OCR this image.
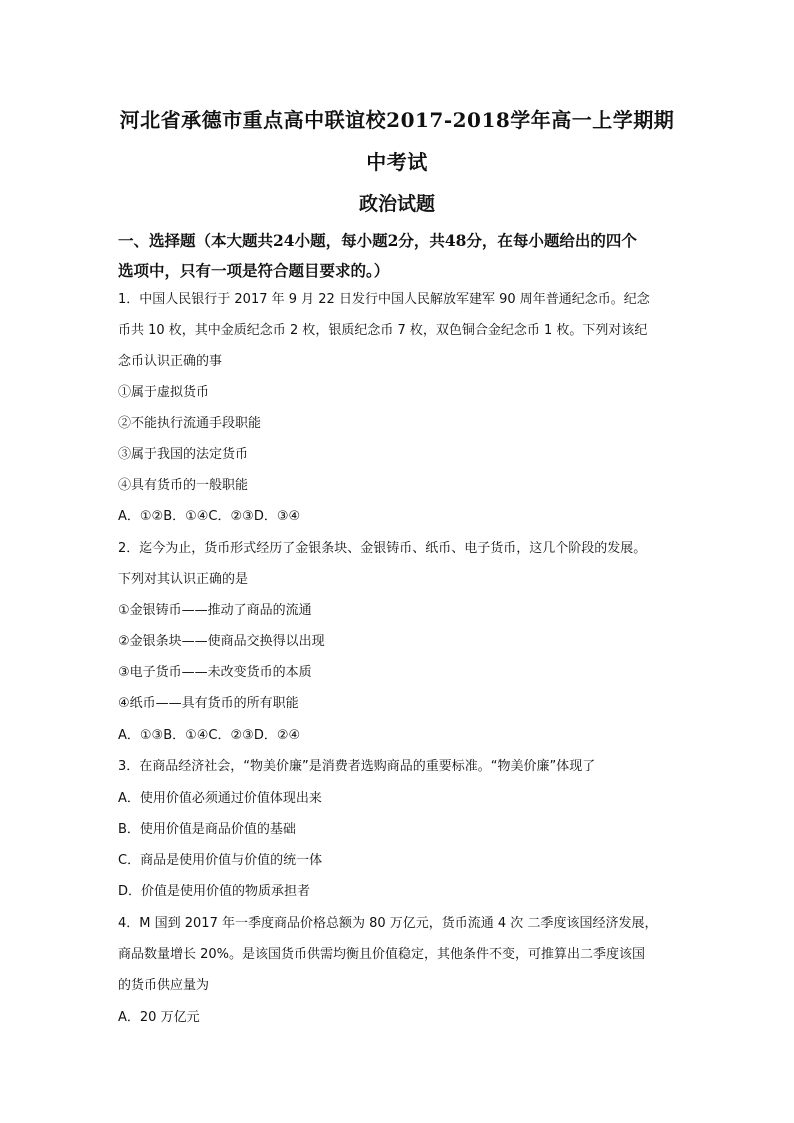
河北省承德市重点高中联谊校2017-2018学年高一上学期期
中考试
政治试题
一、选择题（本大题共24小题，每小题2分，共48分，在每小题给出的四个
选项中，只有一项是符合题目要求的。）
1．中国人民银行于 2017 年 9 月 22 日发行中国人民解放军建军 90 周年普通纪念币。纪念
币共 10 枚，其中金质纪念币 2 枚，银质纪念币 7 枚，双色铜合金纪念币 1 枚。下列对该纪
念币认识正确的事
①属于虚拟货币
②不能执行流通手段职能
③属于我国的法定货币
④具有货币的一般职能
A．①②B．①④C．②③D．③④
2．迄今为止，货币形式经历了金银条块、金银铸币、纸币、电子货币，这几个阶段的发展。
下列对其认识正确的是
①金银铸币——推动了商品的流通
②金银条块——使商品交换得以出现
③电子货币——未改变货币的本质
④纸币——具有货币的所有职能
A．①③B．①④C．②③D．②④
3．在商品经济社会，“物美价廉”是消费者选购商品的重要标准。“物美价廉”体现了
A．使用价值必须通过价值体现出来
B．使用价值是商品价值的基础
C．商品是使用价值与价值的统一体
D．价值是使用价值的物质承担者
4．M 国到 2017 年一季度商品价格总额为 80 万亿元，货币流通 4 次 二季度该国经济发展，
商品数量增长 20%。是该国货币供需均衡且价值稳定，其他条件不变，可推算出二季度该国
的货币供应量为
A．20 万亿元
